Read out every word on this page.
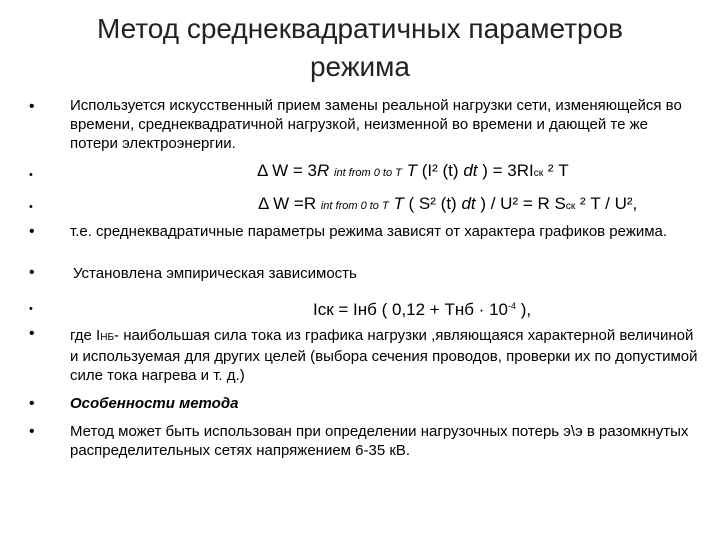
Метод среднеквадратичных параметров
режима
•
•
•
•
•
•
•
•
•
Используется искусственный прием замены реальной нагрузки сети, изменяющейся во времени, среднеквадратичной нагрузкой, неизменной во времени и дающей те же потери электроэнергии.
Δ W = 3R int from 0 to T T (I² (t) dt ) = 3RIск ² T
Δ W =R int from 0 to T T ( S² (t) dt ) / U² = R Sск ² T / U²,
т.е. среднеквадратичные параметры режима зависят от характера графиков режима.
Установлена эмпирическая зависимость
Iск = Iнб ( 0,12 + Tнб · $10^{-4}$ ),
где IНБ- наибольшая сила тока из графика нагрузки ,являющаяся характерной величиной и используемая для других целей (выбора сечения проводов, проверки их по допустимой силе тока нагрева и т. д.)
Особенности метода
Метод может быть использован при определении нагрузочных потерь э\э в разомкнутых распределительных сетях напряжением 6-35 кВ.
